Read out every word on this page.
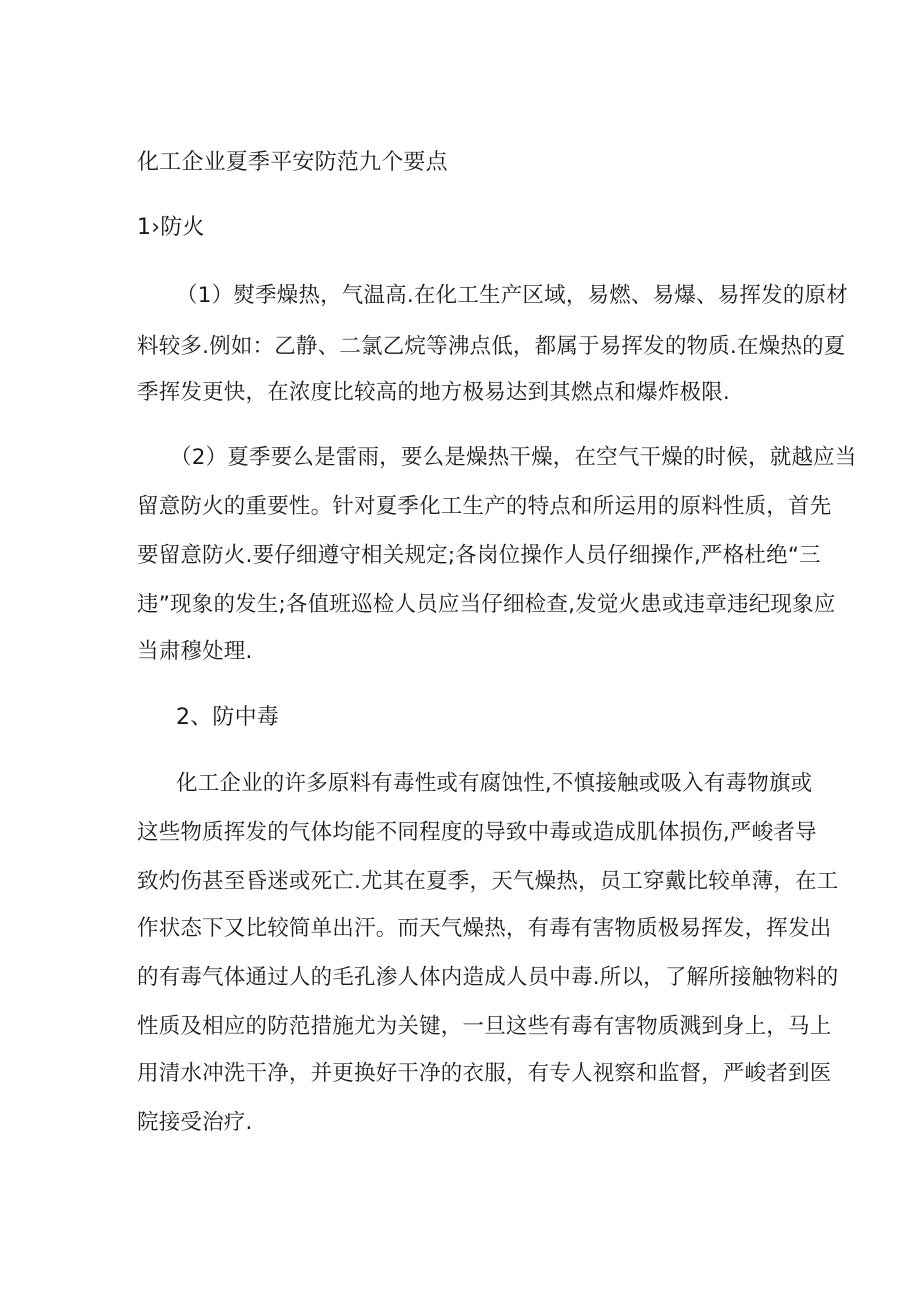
化工企业夏季平安防范九个要点
1›防火
（1）熨季燥热，气温高.在化工生产区域，易燃、易爆、易挥发的原材
料较多.例如：乙静、二氯乙烷等沸点低，都属于易挥发的物质.在燥热的夏
季挥发更快，在浓度比较高的地方极易达到其燃点和爆炸极限.
（2）夏季要么是雷雨，要么是燥热干燥，在空气干燥的时候，就越应当
留意防火的重要性。针对夏季化工生产的特点和所运用的原料性质，首先
要留意防火.要仔细遵守相关规定;各岗位操作人员仔细操作,严格杜绝“三
违”现象的发生;各值班巡检人员应当仔细检查,发觉火患或违章违纪现象应
当肃穆处理.
2、防中毒
化工企业的许多原料有毒性或有腐蚀性,不慎接触或吸入有毒物旗或
这些物质挥发的气体均能不同程度的导致中毒或造成肌体损伤,严峻者导
致灼伤甚至昏迷或死亡.尤其在夏季，天气燥热，员工穿戴比较单薄，在工
作状态下又比较简单出汗。而天气燥热，有毒有害物质极易挥发，挥发出
的有毒气体通过人的毛孔渗人体内造成人员中毒.所以，了解所接触物料的
性质及相应的防范措施尤为关键，一旦这些有毒有害物质溅到身上，马上
用清水冲洗干净，并更换好干净的衣服，有专人视察和监督，严峻者到医
院接受治疗.
